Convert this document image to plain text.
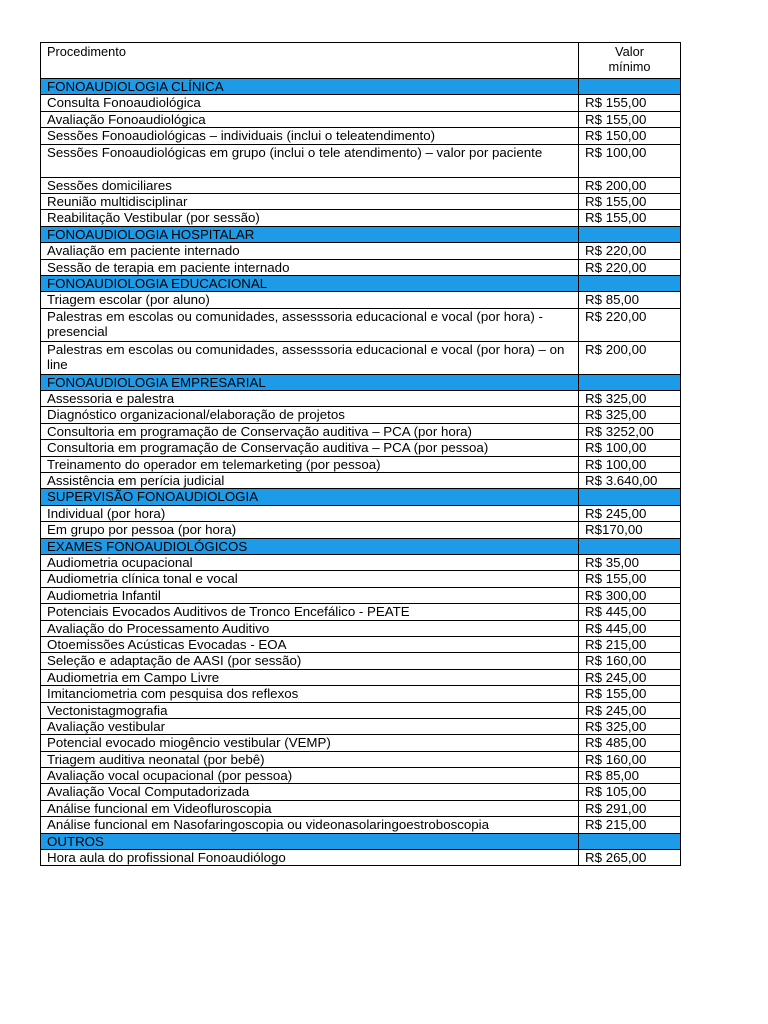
Procedimento	Valor
mínimo
FONOAUDIOLOGIA CLÍNICA	
Consulta Fonoaudiológica	R$ 155,00
Avaliação Fonoaudiológica	R$ 155,00
Sessões Fonoaudiológicas – individuais (inclui o teleatendimento)	R$ 150,00
Sessões Fonoaudiológicas em grupo (inclui o tele atendimento) – valor por paciente	R$ 100,00
Sessões domiciliares	R$ 200,00
Reunião multidisciplinar	R$ 155,00
Reabilitação Vestibular (por sessão)	R$ 155,00
FONOAUDIOLOGIA HOSPITALAR	
Avaliação em paciente internado	R$ 220,00
Sessão de terapia em paciente internado	R$ 220,00
FONOAUDIOLOGIA EDUCACIONAL	
Triagem escolar (por aluno)	R$ 85,00
Palestras em escolas ou comunidades, assesssoria educacional e vocal (por hora) - presencial	R$ 220,00
Palestras em escolas ou comunidades, assesssoria educacional e vocal (por hora) – on line	R$ 200,00
FONOAUDIOLOGIA EMPRESARIAL	
Assessoria e palestra	R$ 325,00
Diagnóstico organizacional/elaboração de projetos	R$ 325,00
Consultoria em programação de Conservação auditiva – PCA (por hora)	R$ 3252,00
Consultoria em programação de Conservação auditiva – PCA (por pessoa)	R$ 100,00
Treinamento do operador em telemarketing (por pessoa)	R$ 100,00
Assistência em perícia judicial	R$ 3.640,00
SUPERVISÃO FONOAUDIOLOGIA	
Individual (por hora)	R$ 245,00
Em grupo por pessoa (por hora)	R$170,00
EXAMES FONOAUDIOLÓGICOS	
Audiometria ocupacional	R$ 35,00
Audiometria clínica tonal e vocal	R$ 155,00
Audiometria Infantil	R$ 300,00
Potenciais Evocados Auditivos de Tronco Encefálico - PEATE	R$ 445,00
Avaliação do Processamento Auditivo	R$ 445,00
Otoemissões Acústicas Evocadas - EOA	R$ 215,00
Seleção e adaptação de AASI (por sessão)	R$ 160,00
Audiometria em Campo Livre	R$ 245,00
Imitanciometria com pesquisa dos reflexos	R$ 155,00
Vectonistagmografia	R$ 245,00
Avaliação vestibular	R$ 325,00
Potencial evocado miogêncio vestibular (VEMP)	R$ 485,00
Triagem auditiva neonatal (por bebê)	R$ 160,00
Avaliação vocal ocupacional (por pessoa)	R$ 85,00
Avaliação Vocal Computadorizada	R$ 105,00
Análise funcional em Videofluroscopia	R$ 291,00
Análise funcional em Nasofaringoscopia ou videonasolaringoestroboscopia	R$ 215,00
OUTROS	
Hora aula do profissional Fonoaudiólogo	R$ 265,00
